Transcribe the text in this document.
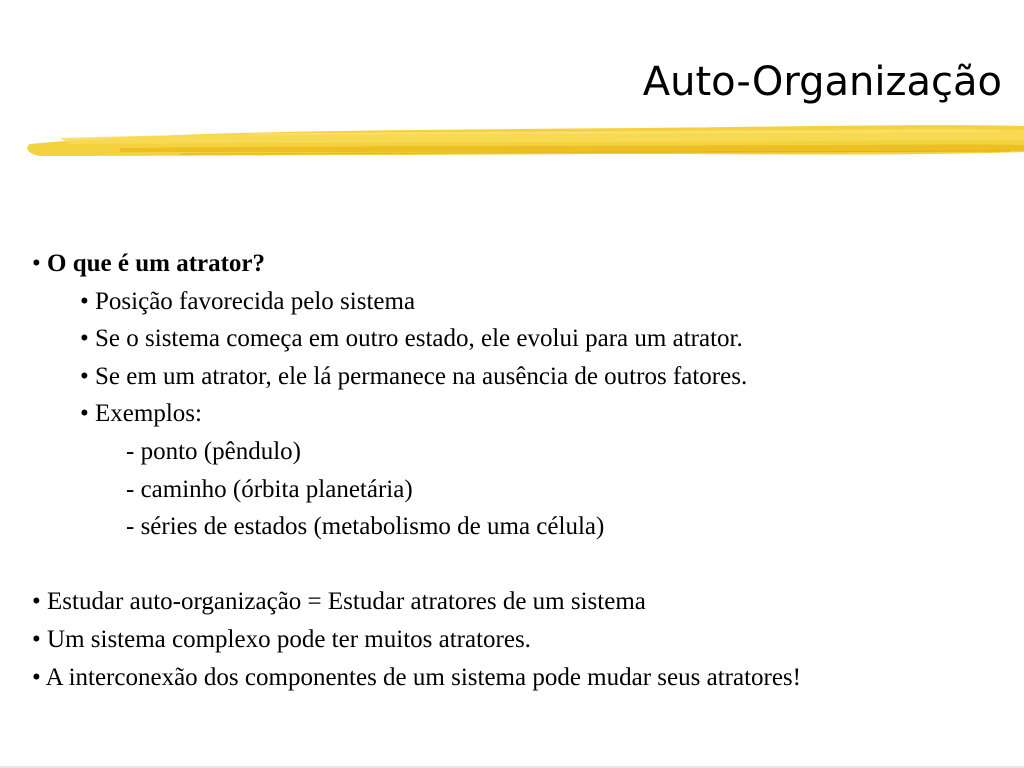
Auto-Organização
• O que é um atrator?
• Posição favorecida pelo sistema
• Se o sistema começa em outro estado, ele evolui para um atrator.
• Se em um atrator, ele lá permanece na ausência de outros fatores.
• Exemplos:
- ponto (pêndulo)
- caminho (órbita planetária)
- séries de estados (metabolismo de uma célula)
• Estudar auto-organização = Estudar atratores de um sistema
• Um sistema complexo pode ter muitos atratores.
• A interconexão dos componentes de um sistema pode mudar seus atratores!
